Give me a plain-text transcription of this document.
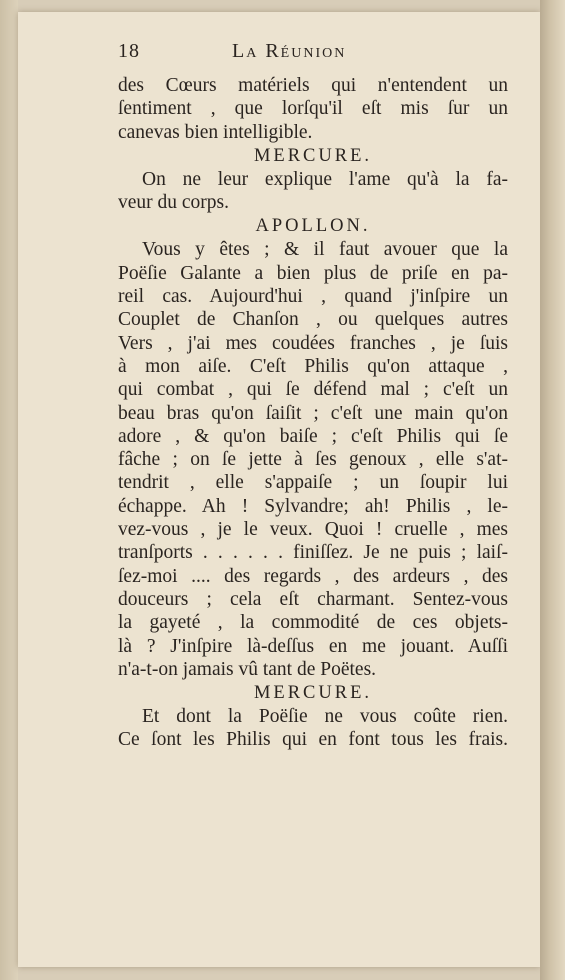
18	La Réunion
des Cœurs matériels qui n'entendent un
ſentiment , que lorſqu'il eſt mis ſur un
canevas bien intelligible.
MERCURE.
On ne leur explique l'ame qu'à la fa-
veur du corps.
APOLLON.
Vous y êtes ; & il faut avouer que la
Poëſie Galante a bien plus de priſe en pa-
reil cas. Aujourd'hui , quand j'inſpire un
Couplet de Chanſon , ou quelques autres
Vers , j'ai mes coudées franches , je ſuis
à mon aiſe. C'eſt Philis qu'on attaque ,
qui combat , qui ſe défend mal ; c'eſt un
beau bras qu'on ſaiſit ; c'eſt une main qu'on
adore , & qu'on baiſe ; c'eſt Philis qui ſe
fâche ; on ſe jette à ſes genoux , elle s'at-
tendrit , elle s'appaiſe ; un ſoupir lui
échappe. Ah ! Sylvandre; ah! Philis , le-
vez-vous , je le veux. Quoi ! cruelle , mes
tranſports . . . . . . finiſſez. Je ne puis ; laiſ-
ſez-moi .... des regards , des ardeurs , des
douceurs ; cela eſt charmant. Sentez-vous
la gayeté , la commodité de ces objets-
là ? J'inſpire là-deſſus en me jouant. Auſſi
n'a-t-on jamais vû tant de Poëtes.
MERCURE.
Et dont la Poëſie ne vous coûte rien.
Ce ſont les Philis qui en font tous les frais.
